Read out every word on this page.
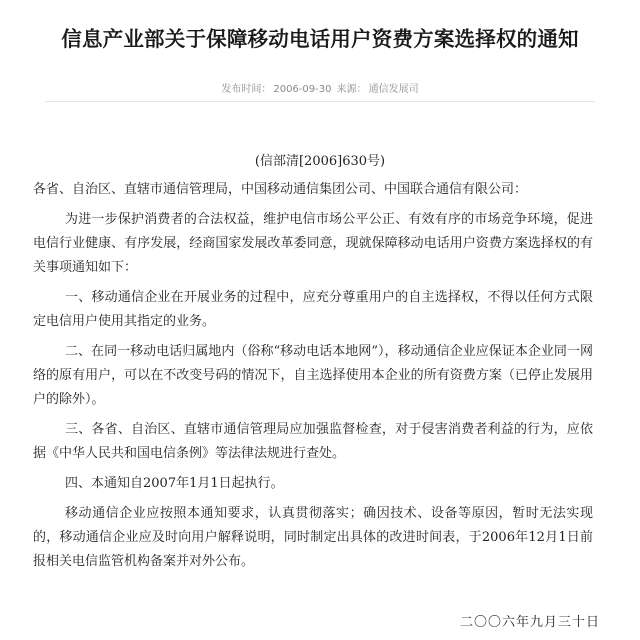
信息产业部关于保障移动电话用户资费方案选择权的通知
发布时间： 2006-09-30 来源： 通信发展司
(信部清[2006]630号)

各省、自治区、直辖市通信管理局，中国移动通信集团公司、中国联合通信有限公司：

为进一步保护消费者的合法权益，维护电信市场公平公正、有效有序的市场竞争环境，促进电信行业健康、有序发展，经商国家发展改革委同意，现就保障移动电话用户资费方案选择权的有关事项通知如下：

一、移动通信企业在开展业务的过程中，应充分尊重用户的自主选择权，不得以任何方式限定电信用户使用其指定的业务。

二、在同一移动电话归属地内（俗称“移动电话本地网”），移动通信企业应保证本企业同一网络的原有用户，可以在不改变号码的情况下，自主选择使用本企业的所有资费方案（已停止发展用户的除外）。

三、各省、自治区、直辖市通信管理局应加强监督检查，对于侵害消费者利益的行为，应依据《中华人民共和国电信条例》等法律法规进行查处。

四、本通知自2007年1月1日起执行。

移动通信企业应按照本通知要求，认真贯彻落实；确因技术、设备等原因，暂时无法实现的，移动通信企业应及时向用户解释说明，同时制定出具体的改进时间表，于2006年12月1日前报相关电信监管机构备案并对外公布。

二〇〇六年九月三十日
